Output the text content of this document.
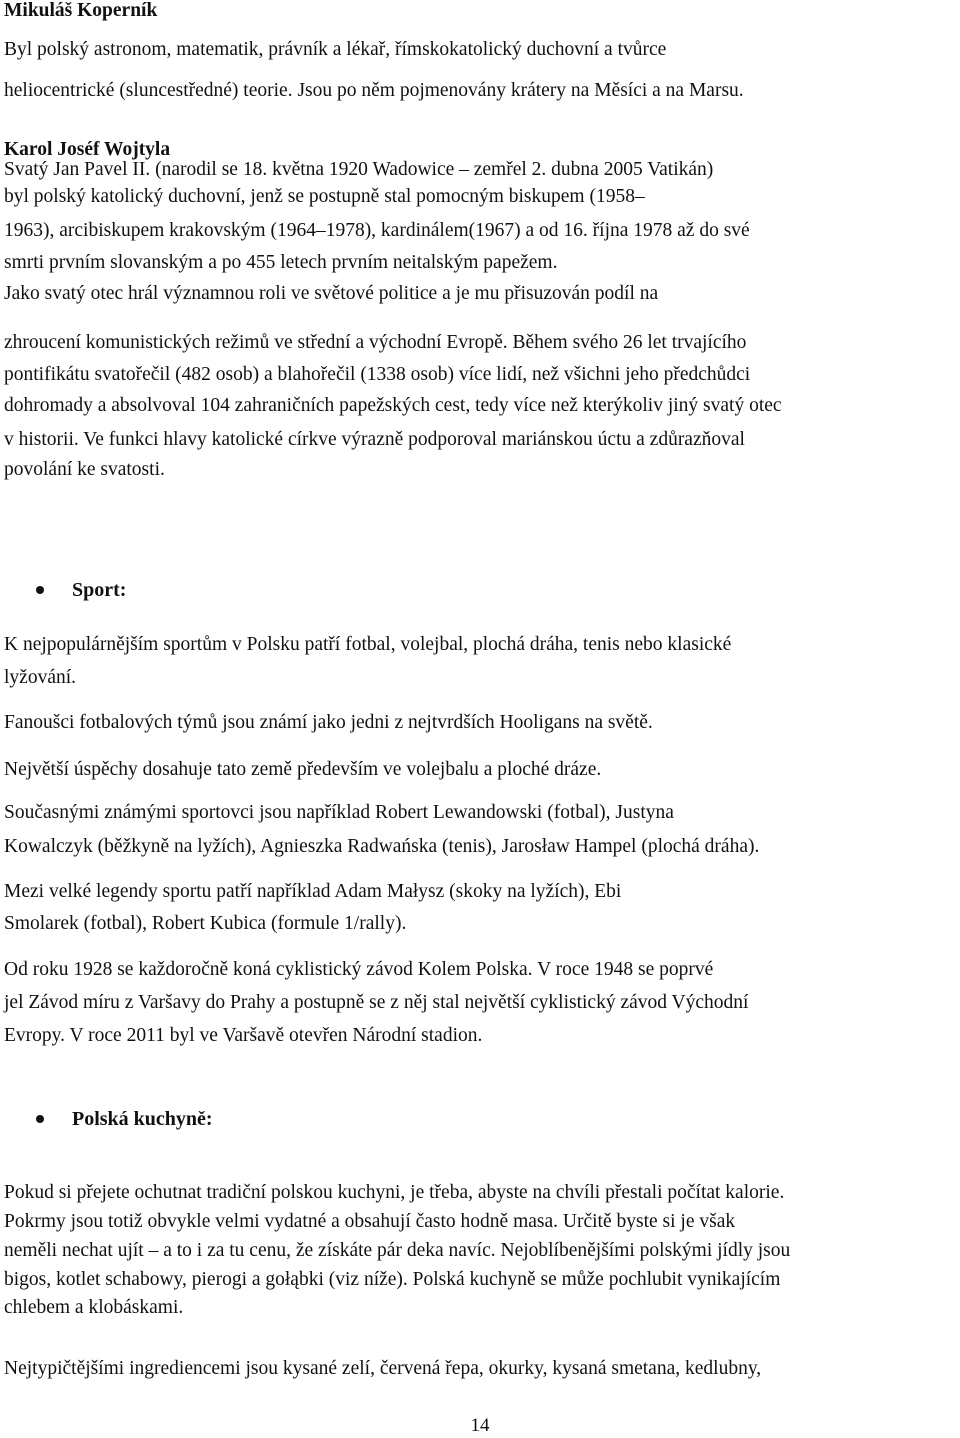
Mikuláš Koperník
Byl polský astronom, matematik, právník a lékař, římskokatolický duchovní a tvůrce
heliocentrické (sluncestředné) teorie. Jsou po něm pojmenovány krátery na Měsíci a na Marsu.
Karol Joséf Wojtyla
Svatý Jan Pavel II. (narodil se 18. května 1920 Wadowice – zemřel 2. dubna 2005 Vatikán)
byl polský katolický duchovní, jenž se postupně stal pomocným biskupem (1958–
1963), arcibiskupem krakovským (1964–1978), kardinálem(1967) a od 16. října 1978 až do své
smrti prvním slovanským a po 455 letech prvním neitalským papežem.
Jako svatý otec hrál významnou roli ve světové politice a je mu přisuzován podíl na
zhroucení komunistických režimů ve střední a východní Evropě. Během svého 26 let trvajícího
pontifikátu svatořečil (482 osob) a blahořečil (1338 osob) více lidí, než všichni jeho předchůdci
dohromady a absolvoval 104 zahraničních papežských cest, tedy více než kterýkoliv jiný svatý otec
v historii. Ve funkci hlavy katolické církve výrazně podporoval mariánskou úctu a zdůrazňoval
povolání ke svatosti.
Sport:
K nejpopulárnějším sportům v Polsku patří fotbal, volejbal, plochá dráha, tenis nebo klasické
lyžování.
Fanoušci fotbalových týmů jsou známí jako jedni z nejtvrdších Hooligans na světě.
Největší úspěchy dosahuje tato země především ve volejbalu a ploché dráze.
Současnými známými sportovci jsou například Robert Lewandowski (fotbal), Justyna
Kowalczyk (běžkyně na lyžích), Agnieszka Radwańska (tenis), Jarosław Hampel (plochá dráha).
Mezi velké legendy sportu patří například Adam Małysz (skoky na lyžích), Ebi
Smolarek (fotbal), Robert Kubica (formule 1/rally).
Od roku 1928 se každoročně koná cyklistický závod Kolem Polska. V roce 1948 se poprvé
jel Závod míru z Varšavy do Prahy a postupně se z něj stal největší cyklistický závod Východní
Evropy. V roce 2011 byl ve Varšavě otevřen Národní stadion.
Polská kuchyně:
Pokud si přejete ochutnat tradiční polskou kuchyni, je třeba, abyste na chvíli přestali počítat kalorie.
Pokrmy jsou totiž obvykle velmi vydatné a obsahují často hodně masa. Určitě byste si je však
neměli nechat ujít – a to i za tu cenu, že získáte pár deka navíc. Nejoblíbenějšími polskými jídly jsou
bigos, kotlet schabowy, pierogi a gołąbki (viz níže). Polská kuchyně se může pochlubit vynikajícím
chlebem a klobáskami.
Nejtypičtějšími ingrediencemi jsou kysané zelí, červená řepa, okurky, kysaná smetana, kedlubny,
14
